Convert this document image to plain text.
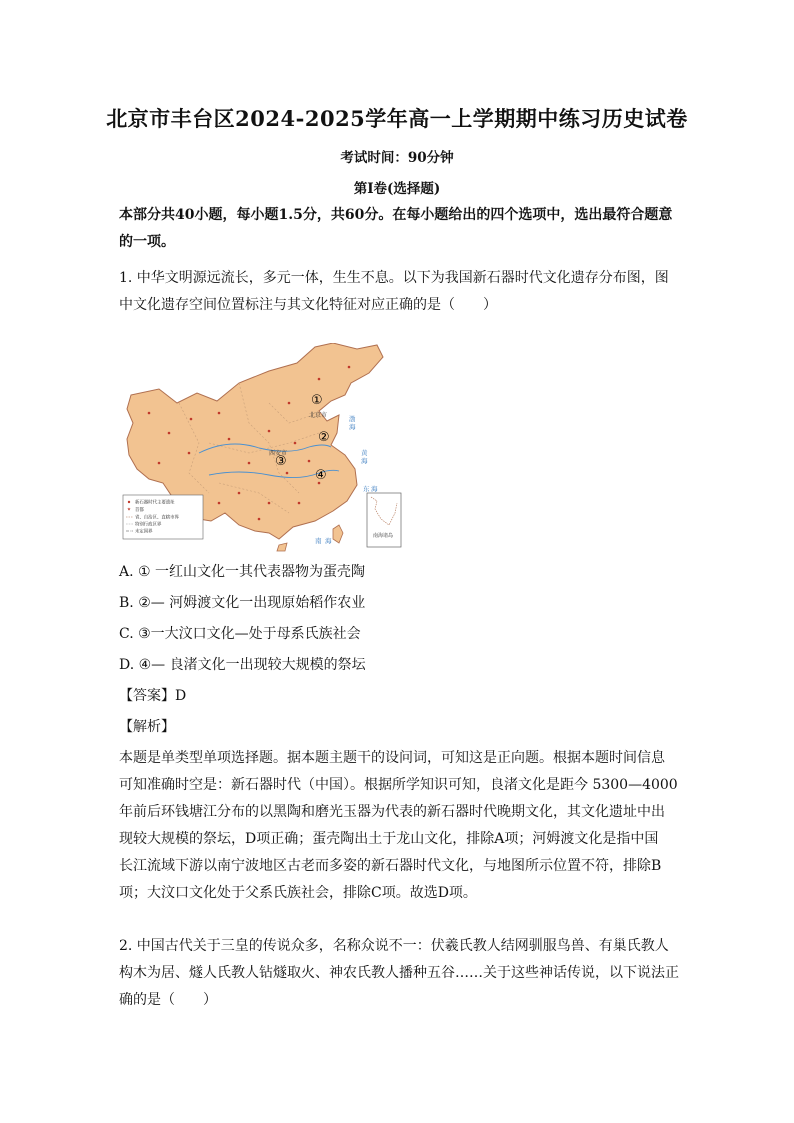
北京市丰台区2024-2025学年高一上学期期中练习历史试卷
考试时间：90分钟
第I卷(选择题)
本部分共40小题，每小题1.5分，共60分。在每小题给出的四个选项中，选出最符合题意
的一项。
1. 中华文明源远流长，多元一体，生生不息。以下为我国新石器时代文化遗存分布图，图
中文化遗存空间位置标注与其文化特征对应正确的是（　　）
①
②
③
④
北京市
西安市
渤
海
黄
海
东 海
南 海
新石器时代主要遗址
★ 首都
省、自治区、直辖市界
特别行政区界
未定国界
南海诸岛
A. ① 一红山文化一其代表器物为蛋壳陶
B. ②— 河姆渡文化一出现原始稻作农业
C. ③一大汶口文化—处于母系氏族社会
D. ④— 良渚文化一出现较大规模的祭坛
【答案】D
【解析】
本题是单类型单项选择题。据本题主题干的设问词，可知这是正向题。根据本题时间信息
可知准确时空是：新石器时代（中国）。根据所学知识可知，良渚文化是距今 5300—4000
年前后环钱塘江分布的以黑陶和磨光玉器为代表的新石器时代晚期文化，其文化遗址中出
现较大规模的祭坛，D项正确；蛋壳陶出土于龙山文化，排除A项；河姆渡文化是指中国
长江流域下游以南宁波地区古老而多姿的新石器时代文化，与地图所示位置不符，排除B
项；大汶口文化处于父系氏族社会，排除C项。故选D项。
2. 中国古代关于三皇的传说众多，名称众说不一：伏羲氏教人结网驯服鸟兽、有巢氏教人
构木为居、燧人氏教人钻燧取火、神农氏教人播种五谷……关于这些神话传说，以下说法正
确的是（　　）
